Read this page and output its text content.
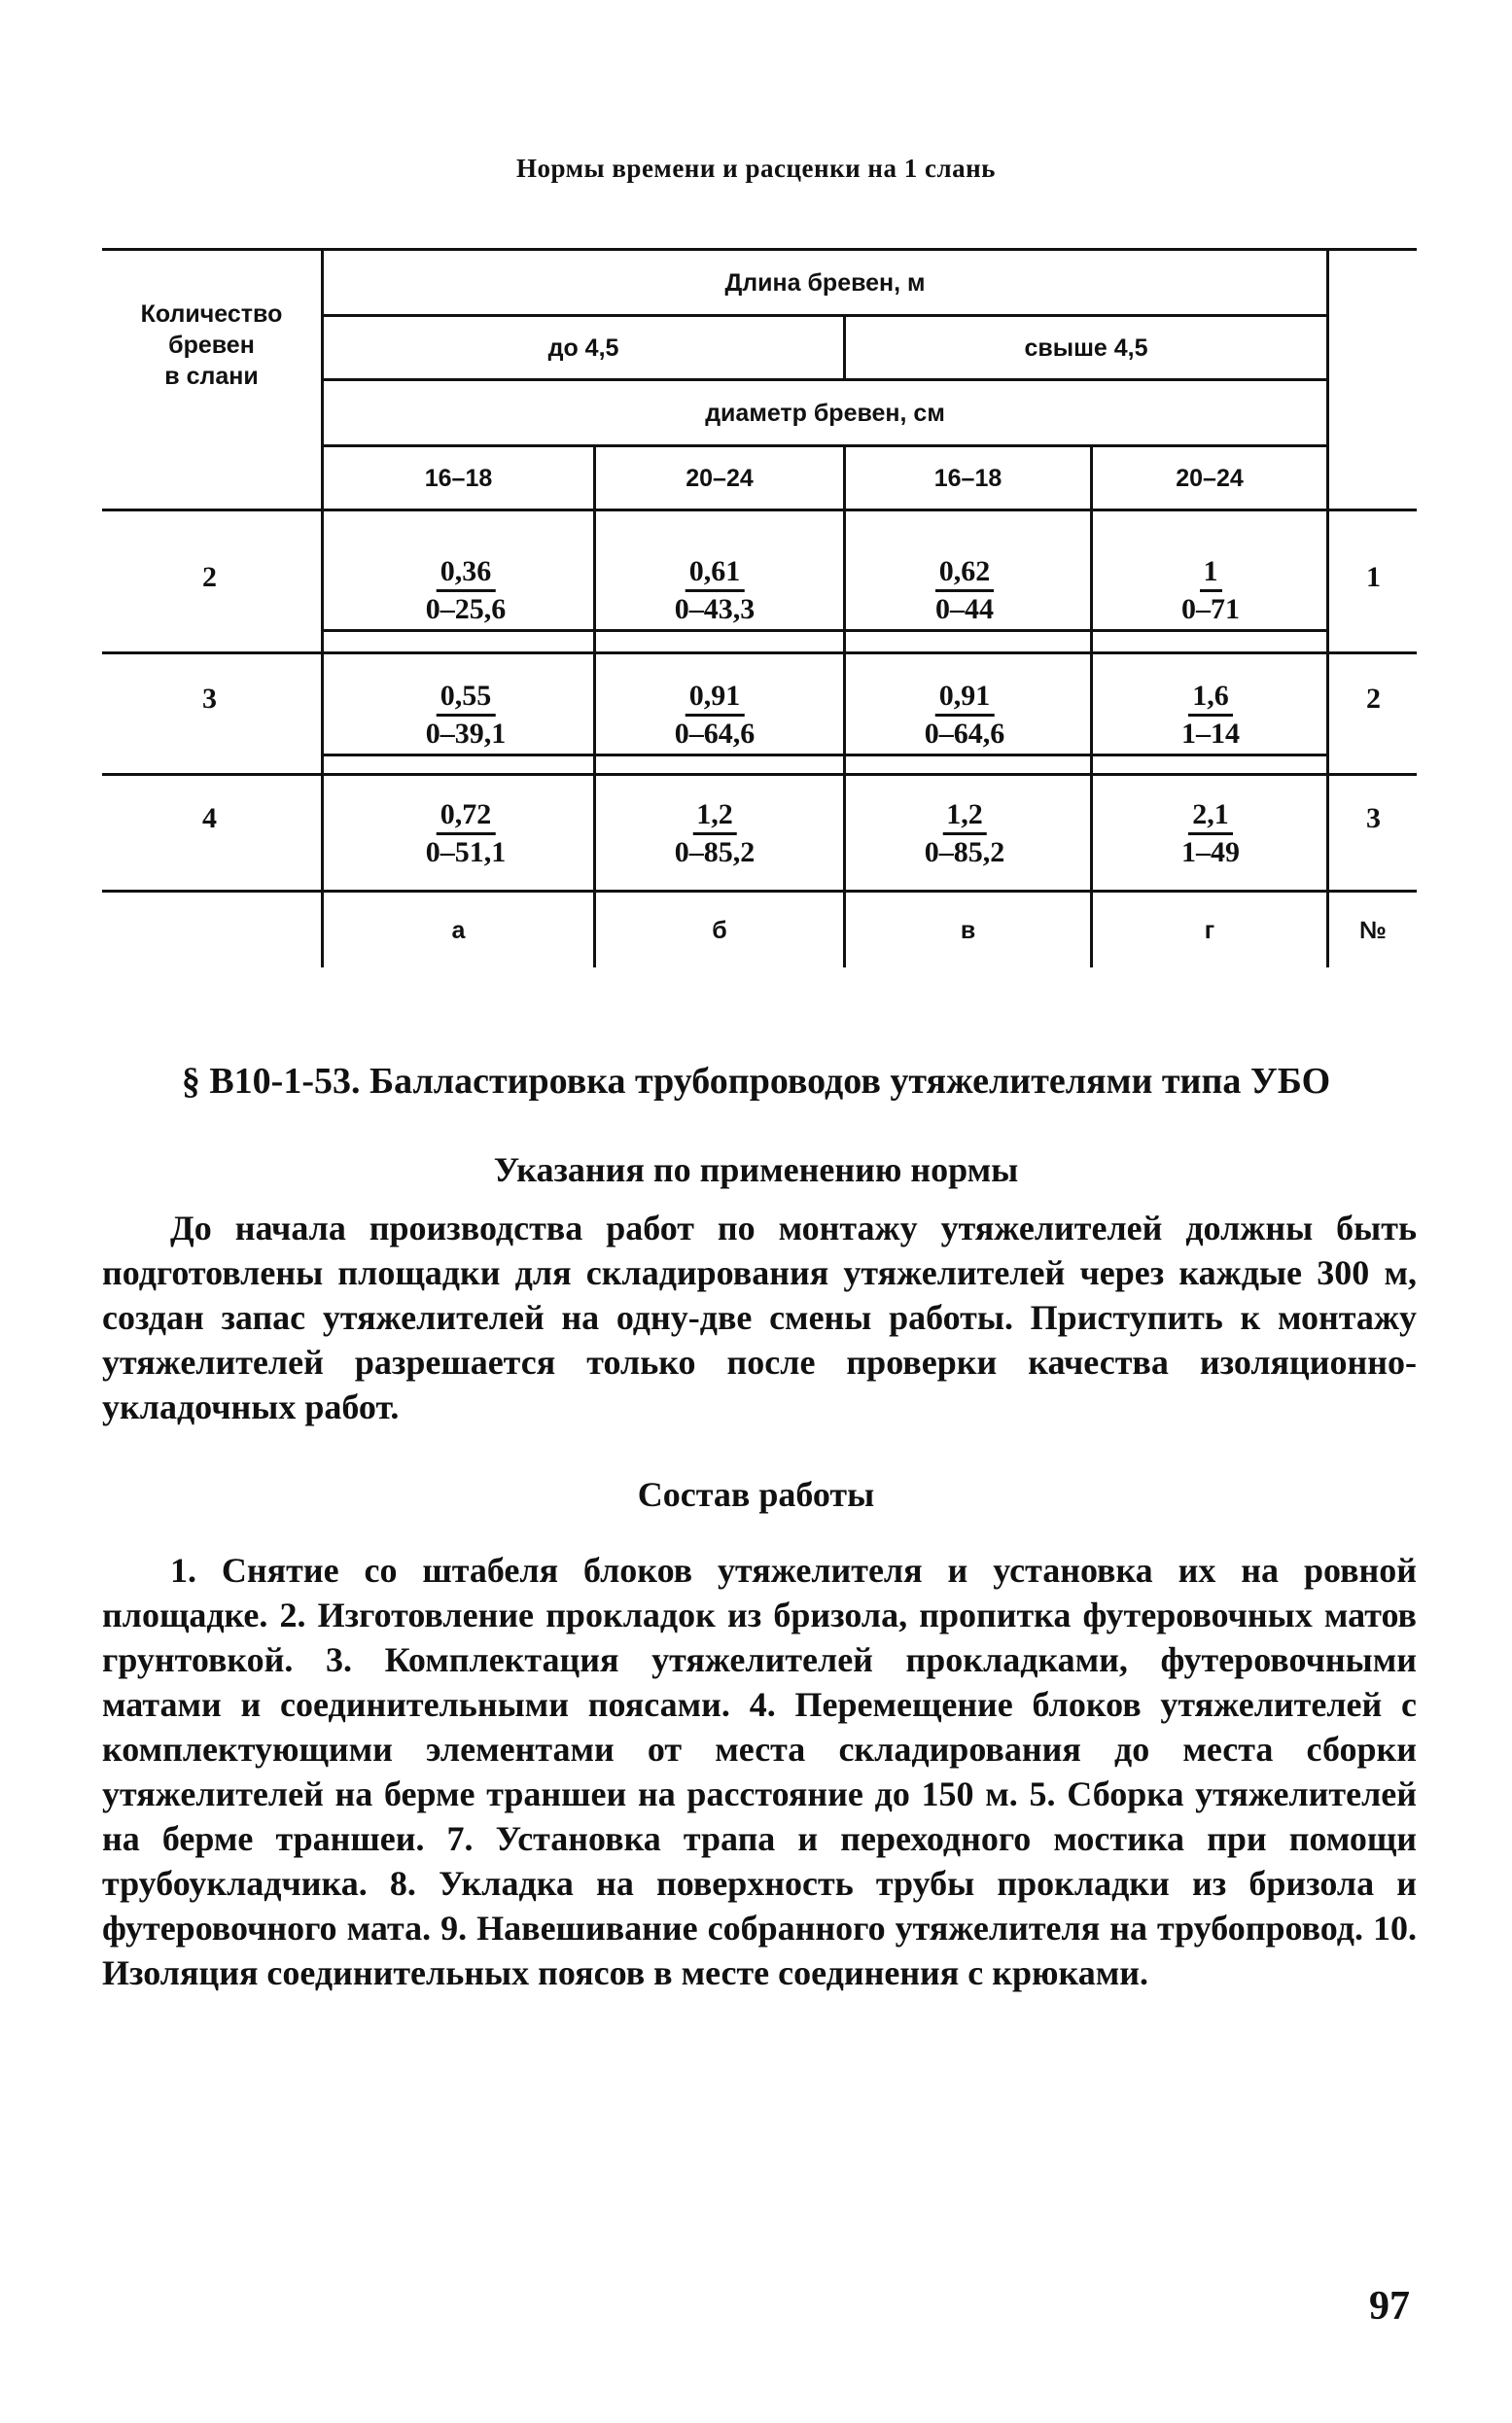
Нормы времени и расценки на 1 слань
Количество
бревен
в слани
Длина бревен, м
до 4,5	свыше 4,5
диаметр бревен, см
16–18	20–24	16–18	20–24
2	$\frac{0,36}{0-25,6}$	$\frac{0,61}{0-43,3}$	$\frac{0,62}{0-44}$	$\frac{1}{0-71}$	1
3	$\frac{0,55}{0-39,1}$	$\frac{0,91}{0-64,6}$	$\frac{0,91}{0-64,6}$	$\frac{1,6}{1-14}$	2
4	$\frac{0,72}{0-51,1}$	$\frac{1,2}{0-85,2}$	$\frac{1,2}{0-85,2}$	$\frac{2,1}{1-49}$	3
а	б	в	г	№
§ В10-1-53. Балластировка трубопроводов утяжелителями типа УБО
Указания по применению нормы

До начала производства работ по монтажу утяжелителей должны быть подготовлены площадки для складирования утяжелителей через каждые 300 м, создан запас утяжелителей на одну-две смены работы. Приступить к монтажу утяжелителей разрешается только после проверки качества изоляционно-укладочных работ.

Состав работы

1. Снятие со штабеля блоков утяжелителя и установка их на ровной площадке. 2. Изготовление прокладок из бризола, пропитка футеровочных матов грунтовкой. 3. Комплектация утяжелителей прокладками, футеровочными матами и соединительными поясами. 4. Перемещение блоков утяжелителей с комплектующими элементами от места складирования до места сборки утяжелителей на берме траншеи на расстояние до 150 м. 5. Сборка утяжелителей на берме траншеи. 7. Установка трапа и переходного мостика при помощи трубоукладчика. 8. Укладка на поверхность трубы прокладки из бризола и футеровочного мата. 9. Навешивание собранного утяжелителя на трубопровод. 10. Изоляция соединительных поясов в месте соединения с крюками.

97
